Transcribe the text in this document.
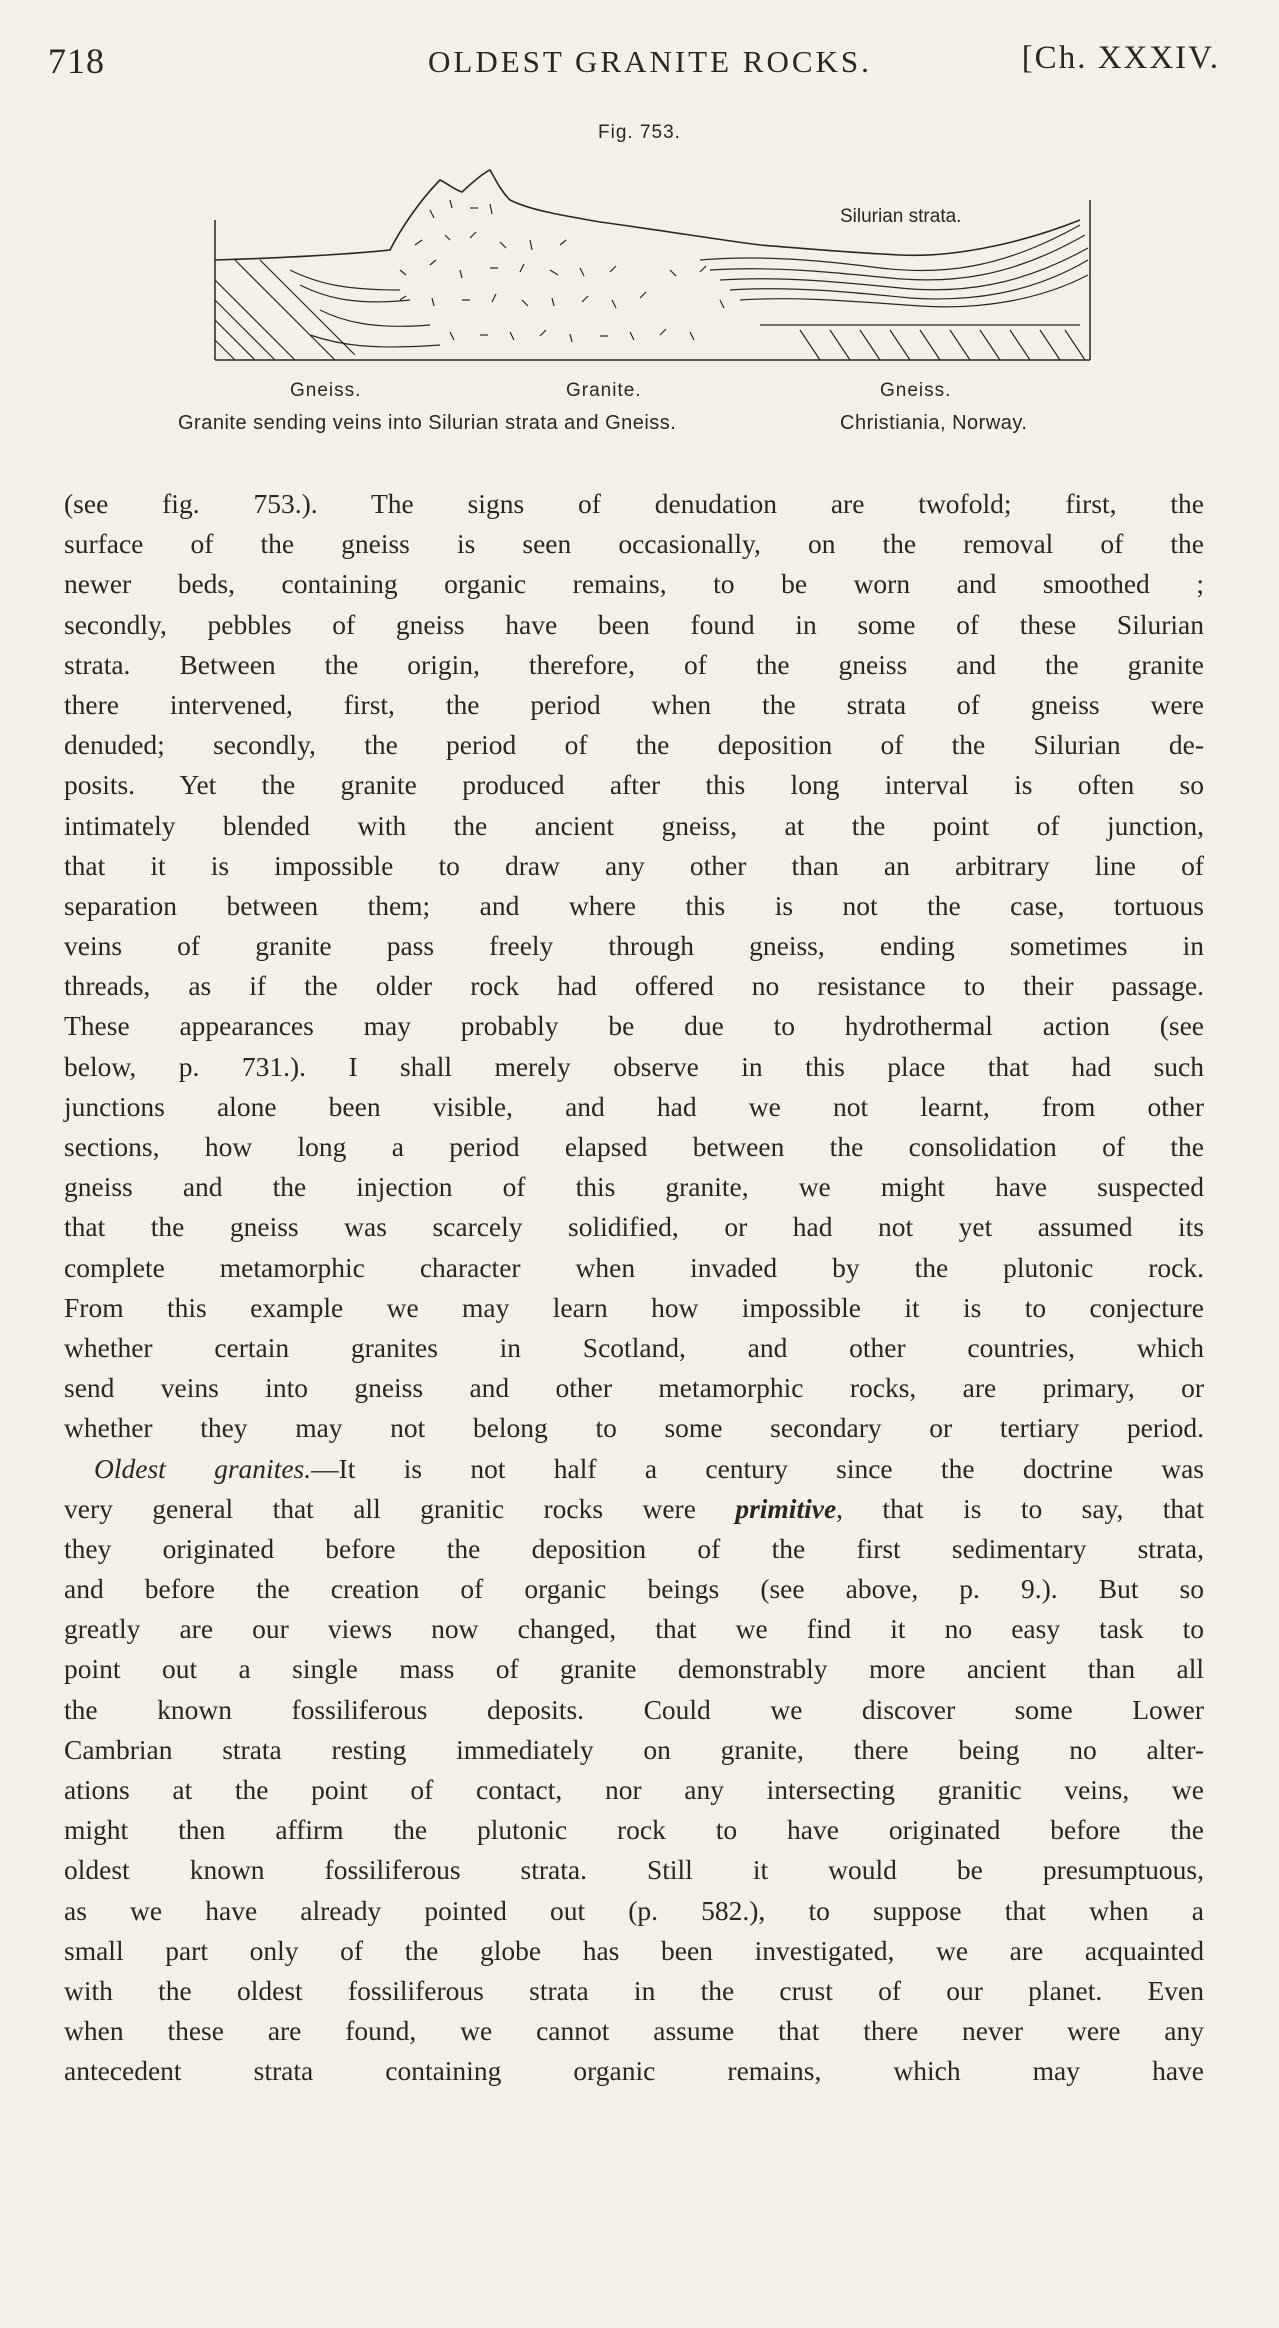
718	OLDEST GRANITE ROCKS.	[Ch. XXXIV.
Fig. 753.
Silurian strata.
Gneiss.	Granite.	Gneiss.
Granite sending veins into Silurian strata and Gneiss.	Christiania, Norway.
(see fig. 753.). The signs of denudation are twofold; first, the
surface of the gneiss is seen occasionally, on the removal of the
newer beds, containing organic remains, to be worn and smoothed ;
secondly, pebbles of gneiss have been found in some of these Silurian
strata. Between the origin, therefore, of the gneiss and the granite
there intervened, first, the period when the strata of gneiss were
denuded; secondly, the period of the deposition of the Silurian de-
posits. Yet the granite produced after this long interval is often so
intimately blended with the ancient gneiss, at the point of junction,
that it is impossible to draw any other than an arbitrary line of
separation between them; and where this is not the case, tortuous
veins of granite pass freely through gneiss, ending sometimes in
threads, as if the older rock had offered no resistance to their passage.
These appearances may probably be due to hydrothermal action (see
below, p. 731.). I shall merely observe in this place that had such
junctions alone been visible, and had we not learnt, from other
sections, how long a period elapsed between the consolidation of the
gneiss and the injection of this granite, we might have suspected
that the gneiss was scarcely solidified, or had not yet assumed its
complete metamorphic character when invaded by the plutonic rock.
From this example we may learn how impossible it is to conjecture
whether certain granites in Scotland, and other countries, which
send veins into gneiss and other metamorphic rocks, are primary, or
whether they may not belong to some secondary or tertiary period.
Oldest granites.—It is not half a century since the doctrine was
very general that all granitic rocks were primitive, that is to say, that
they originated before the deposition of the first sedimentary strata,
and before the creation of organic beings (see above, p. 9.). But so
greatly are our views now changed, that we find it no easy task to
point out a single mass of granite demonstrably more ancient than all
the known fossiliferous deposits. Could we discover some Lower
Cambrian strata resting immediately on granite, there being no alter-
ations at the point of contact, nor any intersecting granitic veins, we
might then affirm the plutonic rock to have originated before the
oldest known fossiliferous strata. Still it would be presumptuous,
as we have already pointed out (p. 582.), to suppose that when a
small part only of the globe has been investigated, we are acquainted
with the oldest fossiliferous strata in the crust of our planet. Even
when these are found, we cannot assume that there never were any
antecedent strata containing organic remains, which may have
